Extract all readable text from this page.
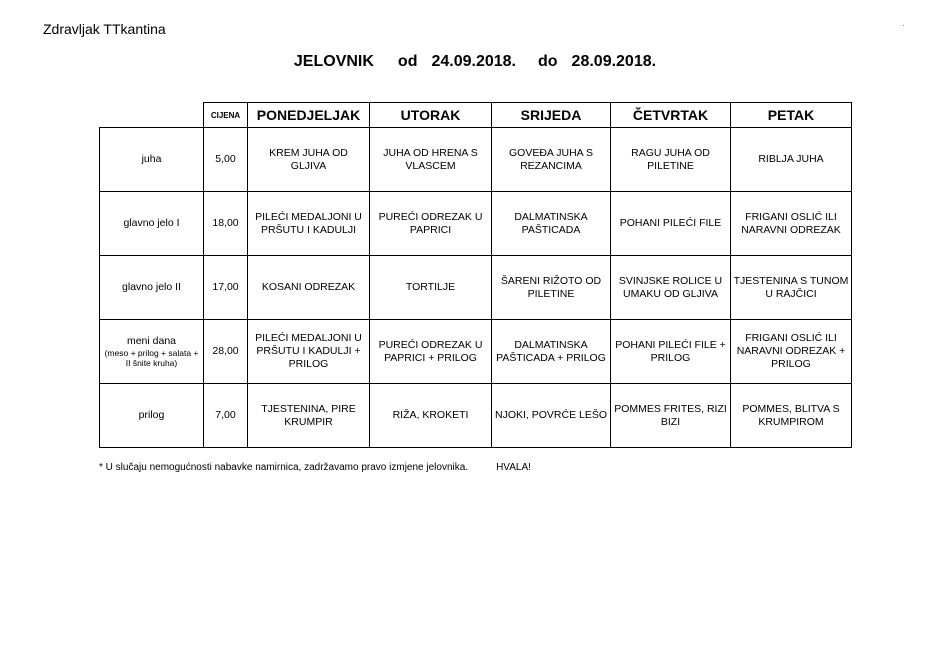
Zdravljak TTkantina	·
JELOVNIK od 24.09.2018. do 28.09.2018.
	CIJENA	PONEDJELJAK	UTORAK	SRIJEDA	ČETVRTAK	PETAK
juha	5,00	KREM JUHA OD GLJIVA	JUHA OD HRENA S VLASCEM	GOVEĐA JUHA S REZANCIMA	RAGU JUHA OD PILETINE	RIBLJA JUHA
glavno jelo I	18,00	PILEĆI MEDALJONI U PRŠUTU I KADULJI	PUREĆI ODREZAK U PAPRICI	DALMATINSKA PAŠTICADA	POHANI PILEĆI FILE	FRIGANI OSLIĆ ILI NARAVNI ODREZAK
glavno jelo II	17,00	KOSANI ODREZAK	TORTILJE	ŠARENI RIŽOTO OD PILETINE	SVINJSKE ROLICE U UMAKU OD GLJIVA	TJESTENINA S TUNOM U RAJČICI
meni dana
(meso + prilog + salata + II šnite kruha)	28,00	PILEĆI MEDALJONI U PRŠUTU I KADULJI + PRILOG	PUREĆI ODREZAK U PAPRICI + PRILOG	DALMATINSKA PAŠTICADA + PRILOG	POHANI PILEĆI FILE + PRILOG	FRIGANI OSLIĆ ILI NARAVNI ODREZAK + PRILOG
prilog	7,00	TJESTENINA, PIRE KRUMPIR	RIŽA, KROKETI	NJOKI, POVRĆE LEŠO	POMMES FRITES, RIZI BIZI	POMMES, BLITVA S KRUMPIROM
* U slučaju nemogućnosti nabavke namirnica, zadržavamo pravo izmjene jelovnika.	HVALA!
